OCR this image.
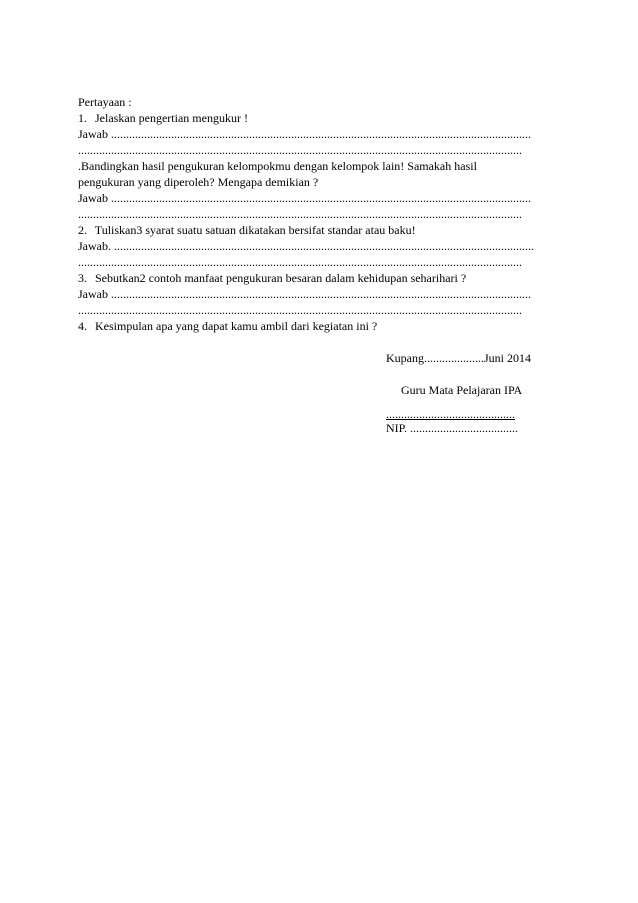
Pertayaan :
1. Jelaskan pengertian mengukur !
Jawab ............................................................................................................................................
....................................................................................................................................................
.Bandingkan hasil pengukuran kelompokmu dengan kelompok lain! Samakah hasil
pengukuran yang diperoleh? Mengapa demikian ?
Jawab ............................................................................................................................................
....................................................................................................................................................
2. Tuliskan3 syarat suatu satuan dikatakan bersifat standar atau baku!
Jawab. ............................................................................................................................................
....................................................................................................................................................
3. Sebutkan2 contoh manfaat pengukuran besaran dalam kehidupan seharihari ?
Jawab ............................................................................................................................................
....................................................................................................................................................
4. Kesimpulan apa yang dapat kamu ambil dari kegiatan ini ?
Kupang....................Juni 2014

Guru Mata Pelajaran IPA

...........................................
NIP. ....................................
